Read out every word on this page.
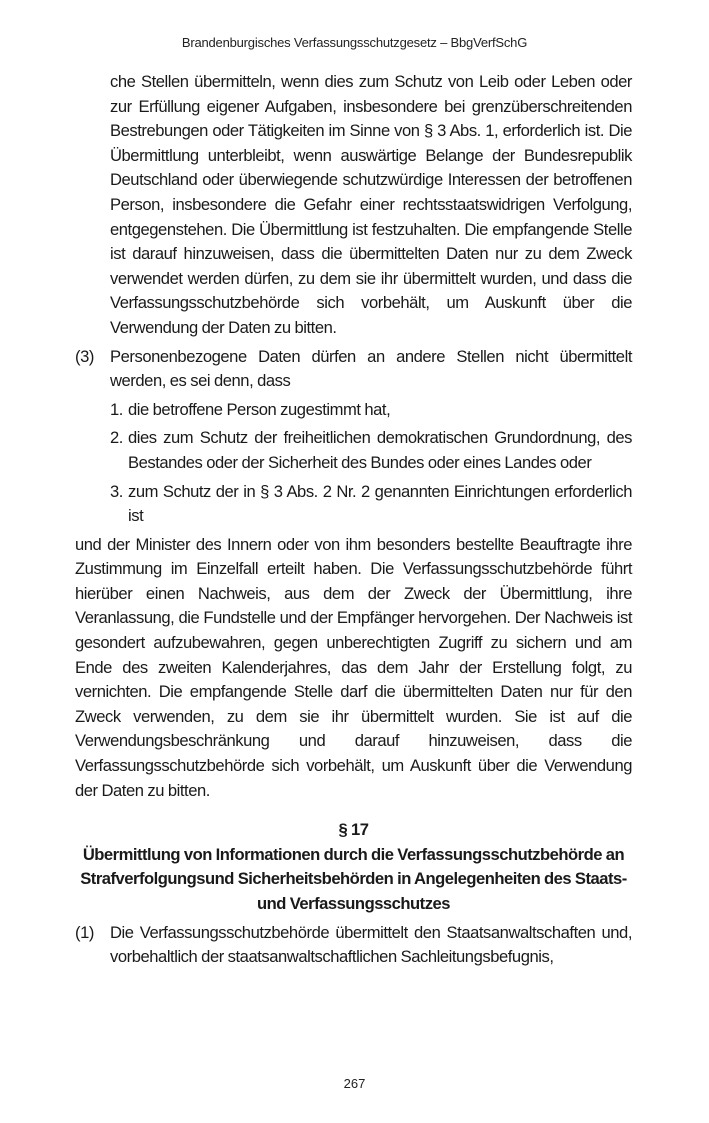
Brandenburgisches Verfassungsschutzgesetz – BbgVerfSchG
che Stellen übermitteln, wenn dies zum Schutz von Leib oder Leben oder zur Erfüllung eigener Aufgaben, insbesondere bei grenzüberschreitenden Bestrebungen oder Tätigkeiten im Sinne von § 3 Abs. 1, erforderlich ist. Die Übermittlung unterbleibt, wenn auswärtige Belange der Bundesrepublik Deutschland oder überwiegende schutzwürdige Interessen der betroffenen Person, insbesondere die Gefahr einer rechtsstaatswidrigen Verfolgung, entgegenstehen. Die Übermittlung ist festzuhalten. Die empfangende Stelle ist darauf hinzuweisen, dass die übermittelten Daten nur zu dem Zweck verwendet werden dürfen, zu dem sie ihr übermittelt wurden, und dass die Verfassungsschutzbehörde sich vorbehält, um Auskunft über die Verwendung der Daten zu bitten.
(3) Personenbezogene Daten dürfen an andere Stellen nicht übermittelt werden, es sei denn, dass
1. die betroffene Person zugestimmt hat,
2. dies zum Schutz der freiheitlichen demokratischen Grundordnung, des Bestandes oder der Sicherheit des Bundes oder eines Landes oder
3. zum Schutz der in § 3 Abs. 2 Nr. 2 genannten Einrichtungen erforderlich ist
und der Minister des Innern oder von ihm besonders bestellte Beauftragte ihre Zustimmung im Einzelfall erteilt haben. Die Verfassungsschutzbehörde führt hierüber einen Nachweis, aus dem der Zweck der Übermittlung, ihre Veranlassung, die Fundstelle und der Empfänger hervorgehen. Der Nachweis ist gesondert aufzubewahren, gegen unberechtigten Zugriff zu sichern und am Ende des zweiten Kalenderjahres, das dem Jahr der Erstellung folgt, zu vernichten. Die empfangende Stelle darf die übermittelten Daten nur für den Zweck verwenden, zu dem sie ihr übermittelt wurden. Sie ist auf die Verwendungsbeschränkung und darauf hinzuweisen, dass die Verfassungsschutzbehörde sich vorbehält, um Auskunft über die Verwendung der Daten zu bitten.
§ 17
Übermittlung von Informationen durch die Verfassungsschutzbehörde an Strafverfolgungsund Sicherheitsbehörden in Angelegenheiten des Staats- und Verfassungsschutzes
(1) Die Verfassungsschutzbehörde übermittelt den Staatsanwaltschaften und, vorbehaltlich der staatsanwaltschaftlichen Sachleitungsbefugnis,
267
